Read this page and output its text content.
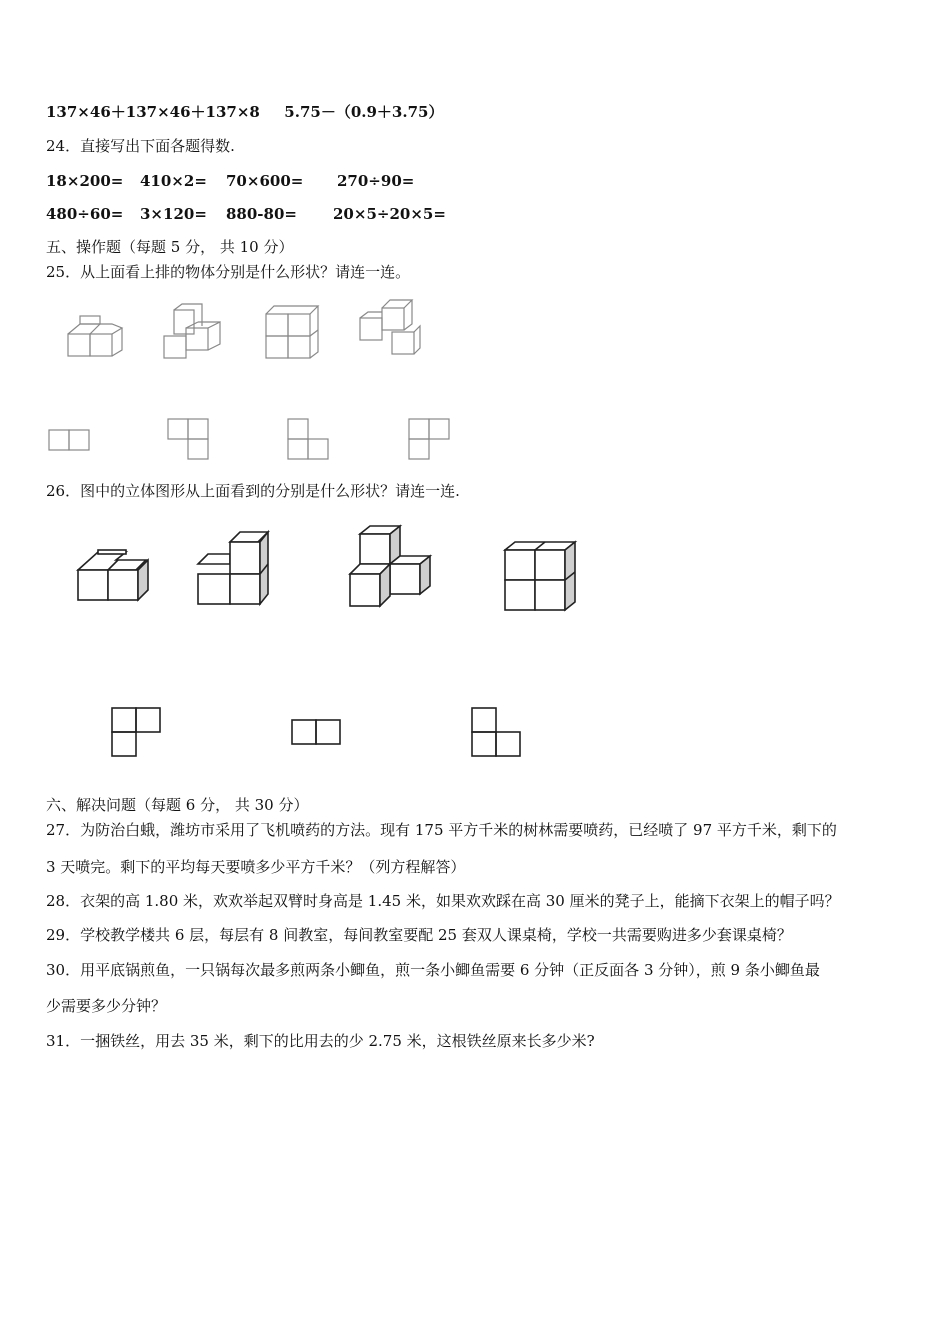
137×46＋137×46＋137×8 5.75－（0.9＋3.75）
24．直接写出下面各题得数.
18×200= 410×2= 70×600= 270÷90=
480÷60= 3×120= 880-80= 20×5÷20×5=
五、操作题（每题 5 分， 共 10 分）
25．从上面看上排的物体分别是什么形状？请连一连。
26．图中的立体图形从上面看到的分别是什么形状？请连一连.
六、解决问题（每题 6 分， 共 30 分）
27．为防治白蛾，潍坊市采用了飞机喷药的方法。现有 175 平方千米的树林需要喷药，已经喷了 97 平方千米，剩下的
3 天喷完。剩下的平均每天要喷多少平方千米？（列方程解答）
28．衣架的高 1.80 米，欢欢举起双臂时身高是 1.45 米，如果欢欢踩在高 30 厘米的凳子上，能摘下衣架上的帽子吗？
29．学校教学楼共 6 层，每层有 8 间教室，每间教室要配 25 套双人课桌椅，学校一共需要购进多少套课桌椅？
30．用平底锅煎鱼，一只锅每次最多煎两条小鲫鱼，煎一条小鲫鱼需要 6 分钟（正反面各 3 分钟），煎 9 条小鲫鱼最
少需要多少分钟？
31．一捆铁丝，用去 35 米，剩下的比用去的少 2.75 米，这根铁丝原来长多少米?
